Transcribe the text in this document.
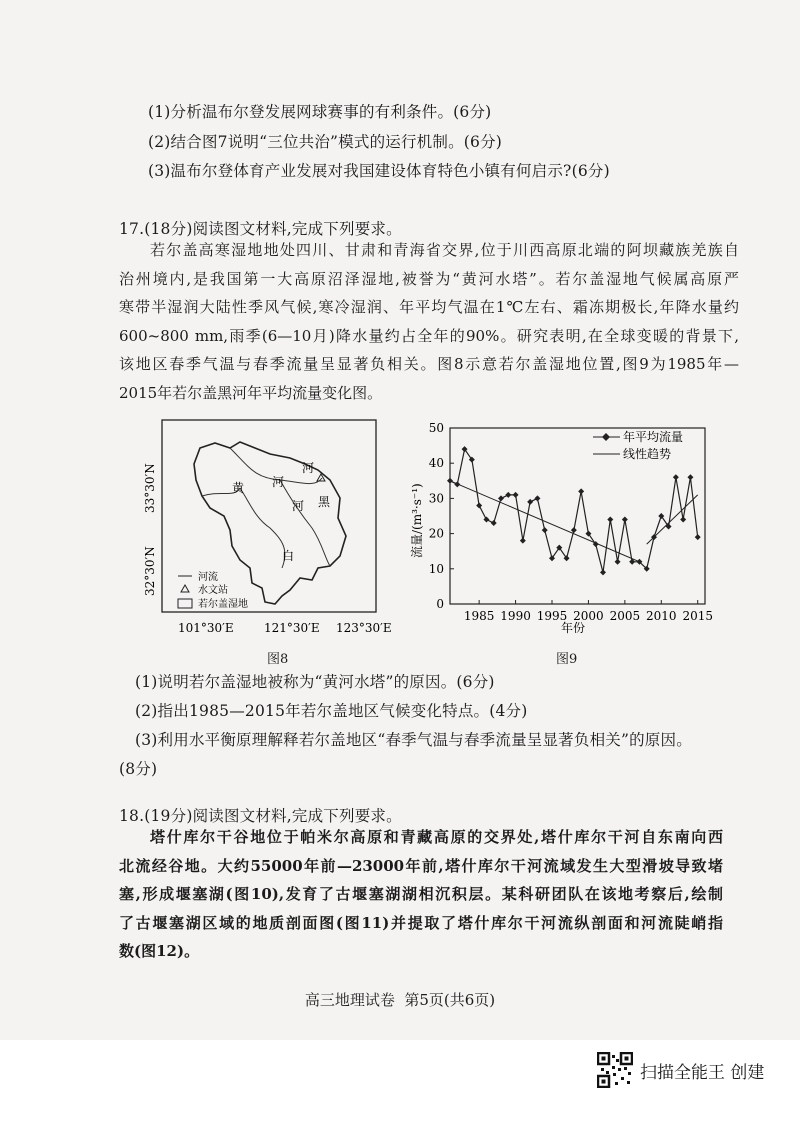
(1)分析温布尔登发展网球赛事的有利条件。(6分)
(2)结合图7说明“三位共治”模式的运行机制。(6分)
(3)温布尔登体育产业发展对我国建设体育特色小镇有何启示?(6分)
17.(18分)阅读图文材料,完成下列要求。
若尔盖高寒湿地地处四川、甘肃和青海省交界,位于川西高原北端的阿坝藏族羌族自
治州境内,是我国第一大高原沼泽湿地,被誉为“黄河水塔”。若尔盖湿地气候属高原严
寒带半湿润大陆性季风气候,寒冷湿润、年平均气温在1℃左右、霜冻期极长,年降水量约
600~800 mm,雨季(6—10月)降水量约占全年的90%。研究表明,在全球变暖的背景下,
该地区春季气温与春季流量呈显著负相关。图8示意若尔盖湿地位置,图9为1985年—
2015年若尔盖黑河年平均流量变化图。
黄 河
河
黑
河
白
河流
水文站
若尔盖湿地
33°30′N
32°30′N
101°30′E	121°30′E 123°30′E
图8
0
10
20
30
40
50
1985 1990 1995 2000 2005 2010 2015
年平均流量
线性趋势
流量/(m³·s⁻¹)
年份
图9
(1)说明若尔盖湿地被称为“黄河水塔”的原因。(6分)
(2)指出1985—2015年若尔盖地区气候变化特点。(4分)
(3)利用水平衡原理解释若尔盖地区“春季气温与春季流量呈显著负相关”的原因。
(8分)
18.(19分)阅读图文材料,完成下列要求。
塔什库尔干谷地位于帕米尔高原和青藏高原的交界处,塔什库尔干河自东南向西
北流经谷地。大约55000年前—23000年前,塔什库尔干河流域发生大型滑坡导致堵
塞,形成堰塞湖(图10),发育了古堰塞湖湖相沉积层。某科研团队在该地考察后,绘制
了古堰塞湖区域的地质剖面图(图11)并提取了塔什库尔干河流纵剖面和河流陡峭指
数(图12)。
高三地理试卷  第5页(共6页)
扫描全能王 创建
